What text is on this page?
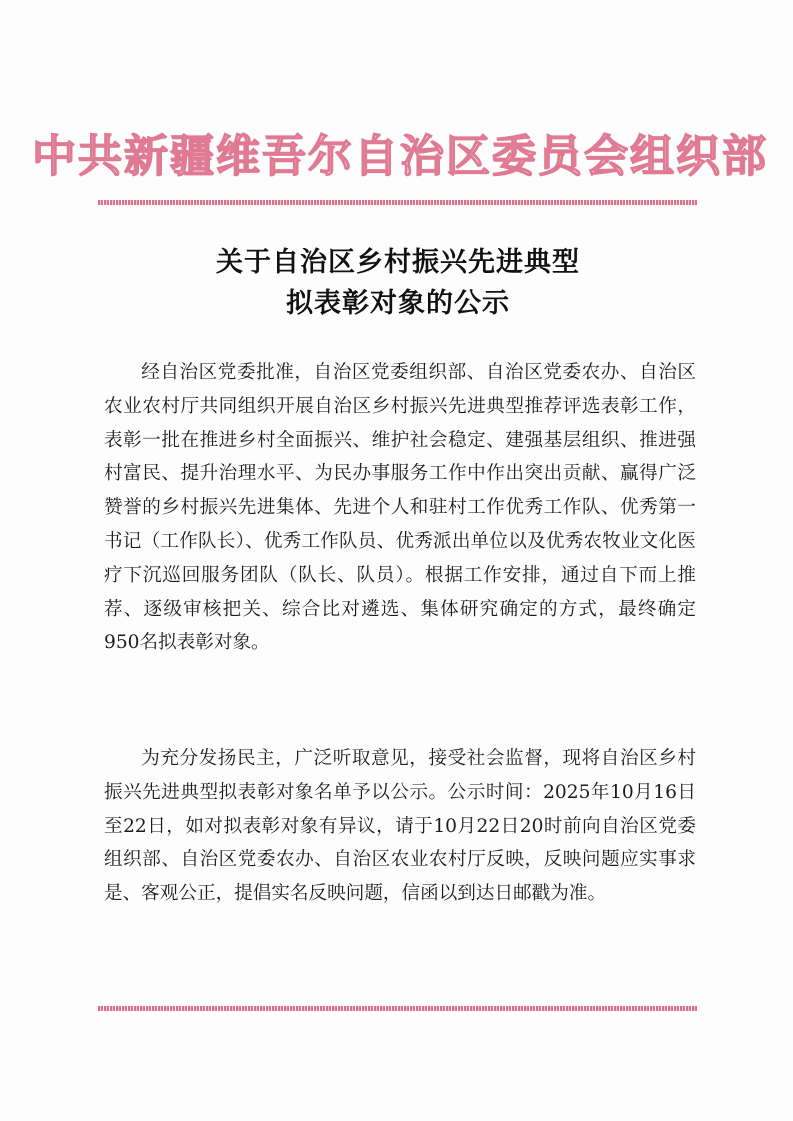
中共新疆维吾尔自治区委员会组织部
关于自治区乡村振兴先进典型
拟表彰对象的公示

经自治区党委批准，自治区党委组织部、自治区党委农办、自治区农业农村厅共同组织开展自治区乡村振兴先进典型推荐评选表彰工作，表彰一批在推进乡村全面振兴、维护社会稳定、建强基层组织、推进强村富民、提升治理水平、为民办事服务工作中作出突出贡献、赢得广泛赞誉的乡村振兴先进集体、先进个人和驻村工作优秀工作队、优秀第一书记（工作队长）、优秀工作队员、优秀派出单位以及优秀农牧业文化医疗下沉巡回服务团队（队长、队员）。根据工作安排，通过自下而上推荐、逐级审核把关、综合比对遴选、集体研究确定的方式，最终确定950名拟表彰对象。

为充分发扬民主，广泛听取意见，接受社会监督，现将自治区乡村振兴先进典型拟表彰对象名单予以公示。公示时间：2025年10月16日至22日，如对拟表彰对象有异议，请于10月22日20时前向自治区党委组织部、自治区党委农办、自治区农业农村厅反映，反映问题应实事求是、客观公正，提倡实名反映问题，信函以到达日邮戳为准。
